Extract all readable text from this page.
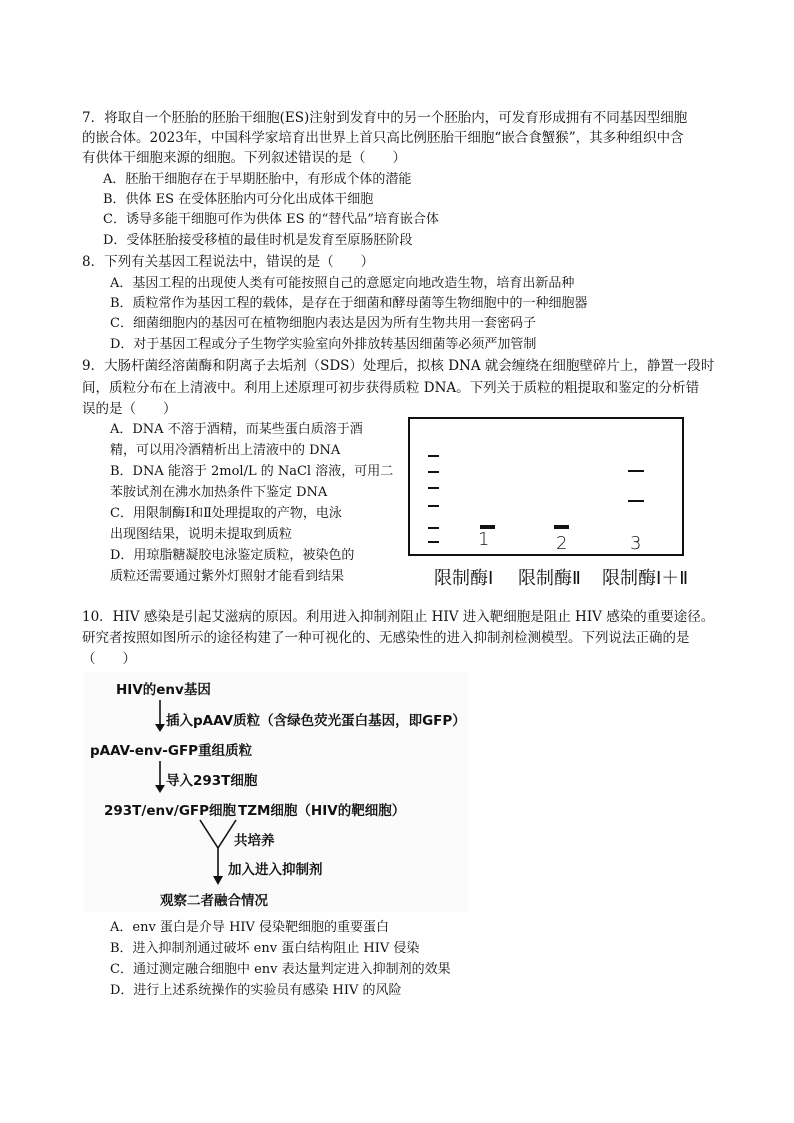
7．将取自一个胚胎的胚胎干细胞(ES)注射到发育中的另一个胚胎内，可发育形成拥有不同基因型细胞
的嵌合体。2023年，中国科学家培育出世界上首只高比例胚胎干细胞“嵌合食蟹猴”，其多种组织中含
有供体干细胞来源的细胞。下列叙述错误的是（　　）
A．胚胎干细胞存在于早期胚胎中，有形成个体的潜能
B．供体 ES 在受体胚胎内可分化出成体干细胞
C．诱导多能干细胞可作为供体 ES 的“替代品”培育嵌合体
D．受体胚胎接受移植的最佳时机是发育至原肠胚阶段
8．下列有关基因工程说法中，错误的是（　　）
A．基因工程的出现使人类有可能按照自己的意愿定向地改造生物，培育出新品种
B．质粒常作为基因工程的载体，是存在于细菌和酵母菌等生物细胞中的一种细胞器
C．细菌细胞内的基因可在植物细胞内表达是因为所有生物共用一套密码子
D．对于基因工程或分子生物学实验室向外排放转基因细菌等必须严加管制
9．大肠杆菌经溶菌酶和阴离子去垢剂（SDS）处理后，拟核 DNA 就会缠绕在细胞壁碎片上，静置一段时
间，质粒分布在上清液中。利用上述原理可初步获得质粒 DNA。下列关于质粒的粗提取和鉴定的分析错
误的是（　　）
A．DNA 不溶于酒精，而某些蛋白质溶于酒
精，可以用冷酒精析出上清液中的 DNA
B．DNA 能溶于 2mol/L 的 NaCl 溶液，可用二
苯胺试剂在沸水加热条件下鉴定 DNA
C．用限制酶Ⅰ和Ⅱ处理提取的产物，电泳
出现图结果，说明未提取到质粒
D．用琼脂糖凝胶电泳鉴定质粒，被染色的
质粒还需要通过紫外灯照射才能看到结果
1	2	3
限制酶Ⅰ 限制酶Ⅱ 限制酶Ⅰ＋Ⅱ
10．HIV 感染是引起艾滋病的原因。利用进入抑制剂阻止 HIV 进入靶细胞是阻止 HIV 感染的重要途径。
研究者按照如图所示的途径构建了一种可视化的、无感染性的进入抑制剂检测模型。下列说法正确的是
（　　）
HIV的env基因
插入pAAV质粒（含绿色荧光蛋白基因，即GFP）
pAAV-env-GFP重组质粒
导入293T细胞
293T/env/GFP细胞 TZM细胞（HIV的靶细胞）
共培养
加入进入抑制剂
观察二者融合情况
A．env 蛋白是介导 HIV 侵染靶细胞的重要蛋白
B．进入抑制剂通过破坏 env 蛋白结构阻止 HIV 侵染
C．通过测定融合细胞中 env 表达量判定进入抑制剂的效果
D．进行上述系统操作的实验员有感染 HIV 的风险
